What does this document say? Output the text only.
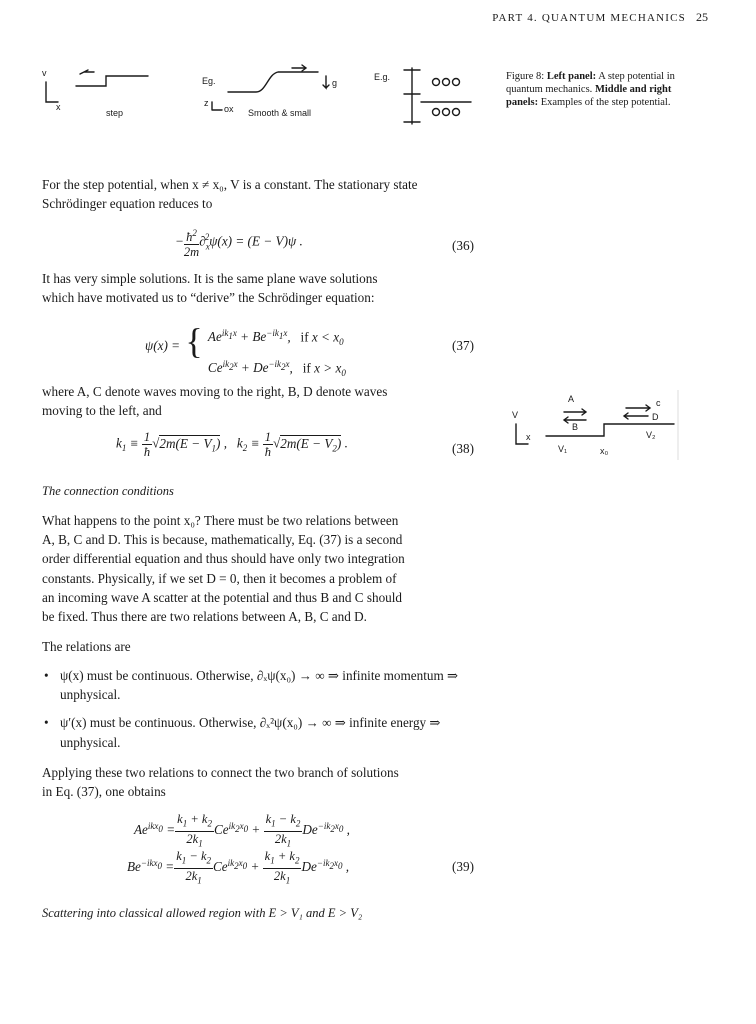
PART 4. QUANTUM MECHANICS 25
v
x
step
Eg.	g
z
ox Smooth & small
E.g.	Figure 8: Left panel: A step potential in quantum mechanics. Middle and right panels: Examples of the step potential.
For the step potential, when x ≠ x₀, V is a constant. The stationary state Schrödinger equation reduces to
− $\frac{ħ^2}{2m} \partial_x^2\psi(x) = (E - V)\psi$ .	(36)
It has very simple solutions. It is the same plane wave solutions
which have motivated us to “derive” the Schrödinger equation:
ψ(x) = { $Ae^{ik_1x} + Be^{-ik_1x}$,   if $x < x_0$
$Ce^{ik_2x} + De^{-ik_2x}$,   if $x > x_0$
(37)
where A, C denote waves moving to the right, B, D denote waves
moving to the left, and
$k_1 \equiv \frac{1}{ħ} √2m(E - V_1)$ ,   $k_2 \equiv \frac{1}{ħ} √2m(E - V_2)$ .	(38)
V
x
A	c
D
B
V₁	x₀
V₂
The connection conditions
What happens to the point x₀? There must be two relations between
A, B, C and D. This is because, mathematically, Eq. (37) is a second
order differential equation and thus should have only two integration
constants. Physically, if we set D = 0, then it becomes a problem of
an incoming wave A scatter at the potential and thus B and C should
be fixed. Thus there are two relations between A, B, C and D.
The relations are
• ψ(x) must be continuous. Otherwise, ∂ₓψ(x₀) → ∞ ⇒ infinite momentum ⇒ unphysical.
• ψ′(x) must be continuous. Otherwise, ∂ₓ²ψ(x₀) → ∞ ⇒ infinite energy ⇒ unphysical.
Applying these two relations to connect the two branch of solutions
in Eq. (37), one obtains
$Ae^{ikx_0} = \frac{k_1 + k_2}{2k_1} Ce^{ik_2x_0} + \frac{k_1 - k_2}{2k_1} De^{-ik_2x_0}$ ,
$Be^{-ikx_0} = \frac{k_1 - k_2}{2k_1} Ce^{ik_2x_0} + \frac{k_1 + k_2}{2k_1} De^{-ik_2x_0}$ ,	(39)
Scattering into classical allowed region with E > V₁ and E > V₂
